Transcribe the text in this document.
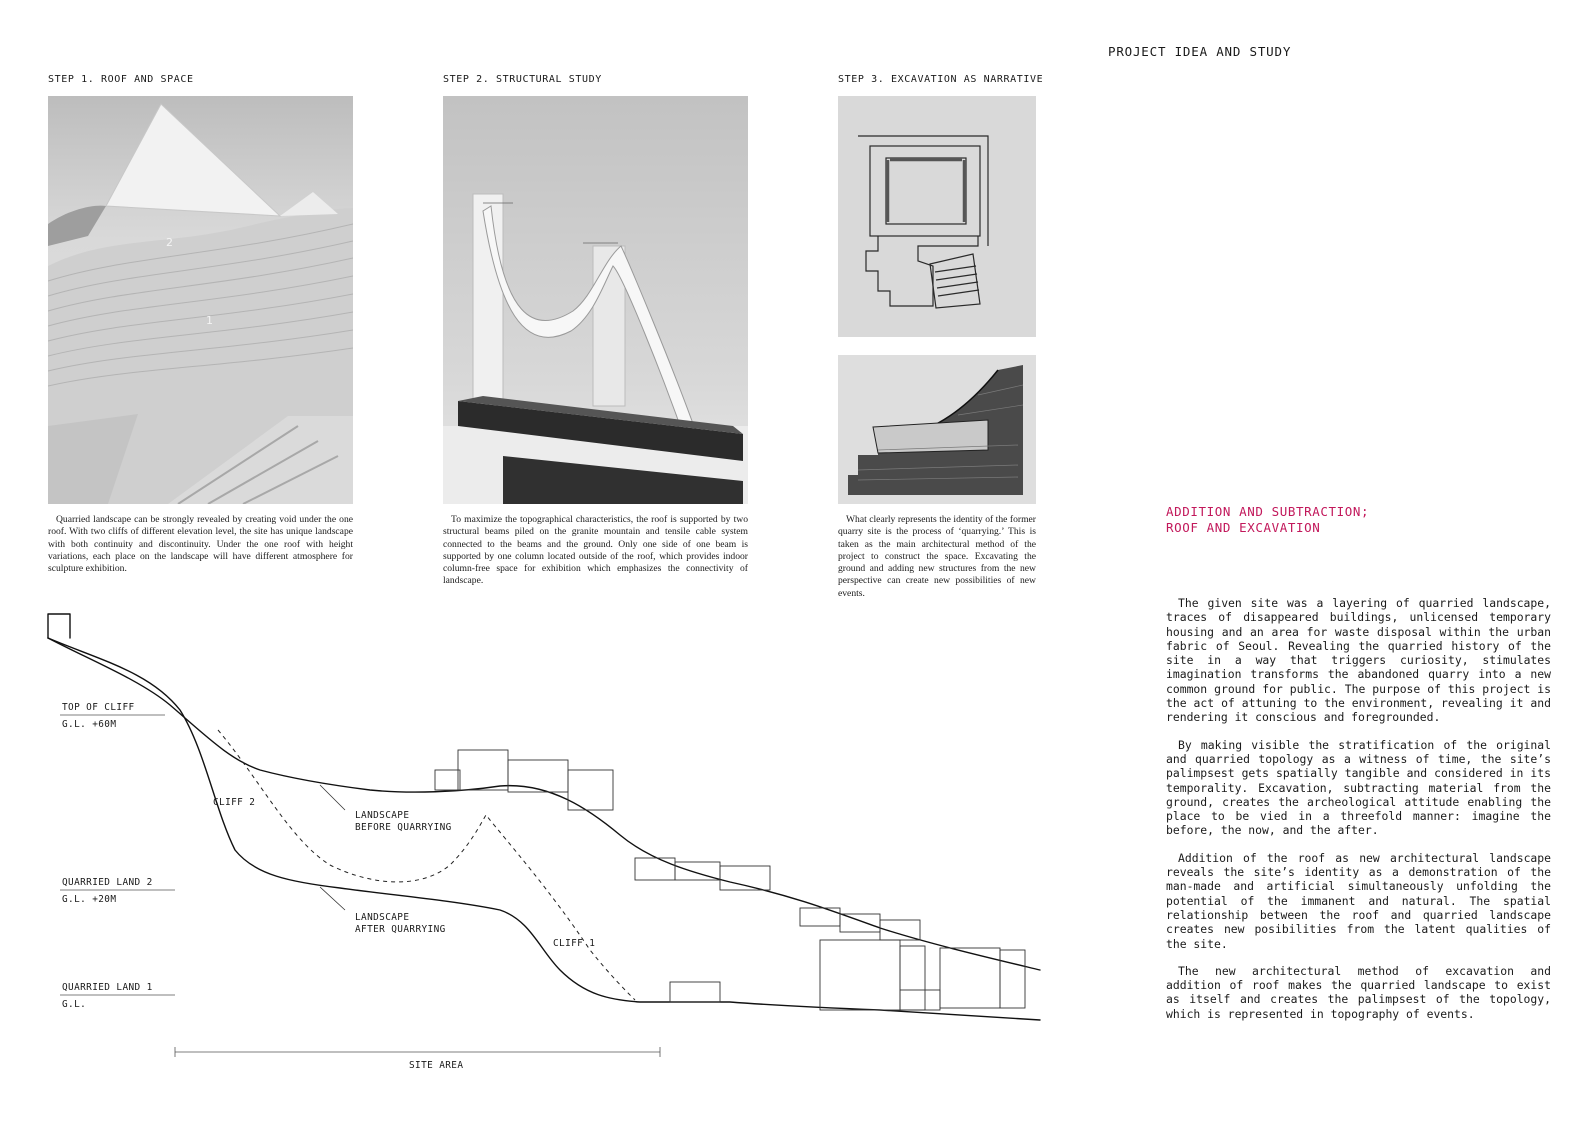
PROJECT IDEA AND STUDY
STEP 1. ROOF AND SPACE
2
1
Quarried landscape can be strongly revealed by creating void under the one roof. With two cliffs of different elevation level, the site has unique landscape with both continuity and discontinuity. Under the one roof with height variations, each place on the landscape will have different atmosphere for sculpture exhibition.
STEP 2. STRUCTURAL STUDY
To maximize the topographical characteristics, the roof is supported by two structural beams piled on the granite mountain and tensile cable system connected to the beams and the ground. Only one side of one beam is supported by one column located outside of the roof, which provides indoor column-free space for exhibition which emphasizes the connectivity of landscape.
STEP 3. EXCAVATION AS NARRATIVE
What clearly represents the identity of the former quarry site is the process of ‘quarrying.’ This is taken as the main architectural method of the project to construct the space. Excavating the ground and adding new structures from the new perspective can create new possibilities of new events.
TOP OF CLIFF
G.L. +60M
QUARRIED LAND 2
G.L. +20M
QUARRIED LAND 1
G.L.
CLIFF 2
CLIFF 1
LANDSCAPE
BEFORE QUARRYING
LANDSCAPE
AFTER QUARRYING
SITE AREA
ADDITION AND SUBTRACTION;
ROOF AND EXCAVATION

The given site was a layering of quarried landscape, traces of disappeared buildings, unlicensed temporary housing and an area for waste disposal within the urban fabric of Seoul. Revealing the quarried history of the site in a way that triggers curiosity, stimulates imagination transforms the abandoned quarry into a new common ground for public. The purpose of this project is the act of attuning to the environment, revealing it and rendering it conscious and foregrounded.

By making visible the stratification of the original and quarried topology as a witness of time, the site’s palimpsest gets spatially tangible and considered in its temporality. Excavation, subtracting material from the ground, creates the archeological attitude enabling the place to be vied in a threefold manner: imagine the before, the now, and the after.

Addition of the roof as new architectural landscape reveals the site’s identity as a demonstration of the man-made and artificial simultaneously unfolding the potential of the immanent and natural. The spatial relationship between the roof and quarried landscape creates new posibilities from the latent qualities of the site.

The new architectural method of excavation and addition of roof makes the quarried landscape to exist as itself and creates the palimpsest of the topology, which is represented in topography of events.
